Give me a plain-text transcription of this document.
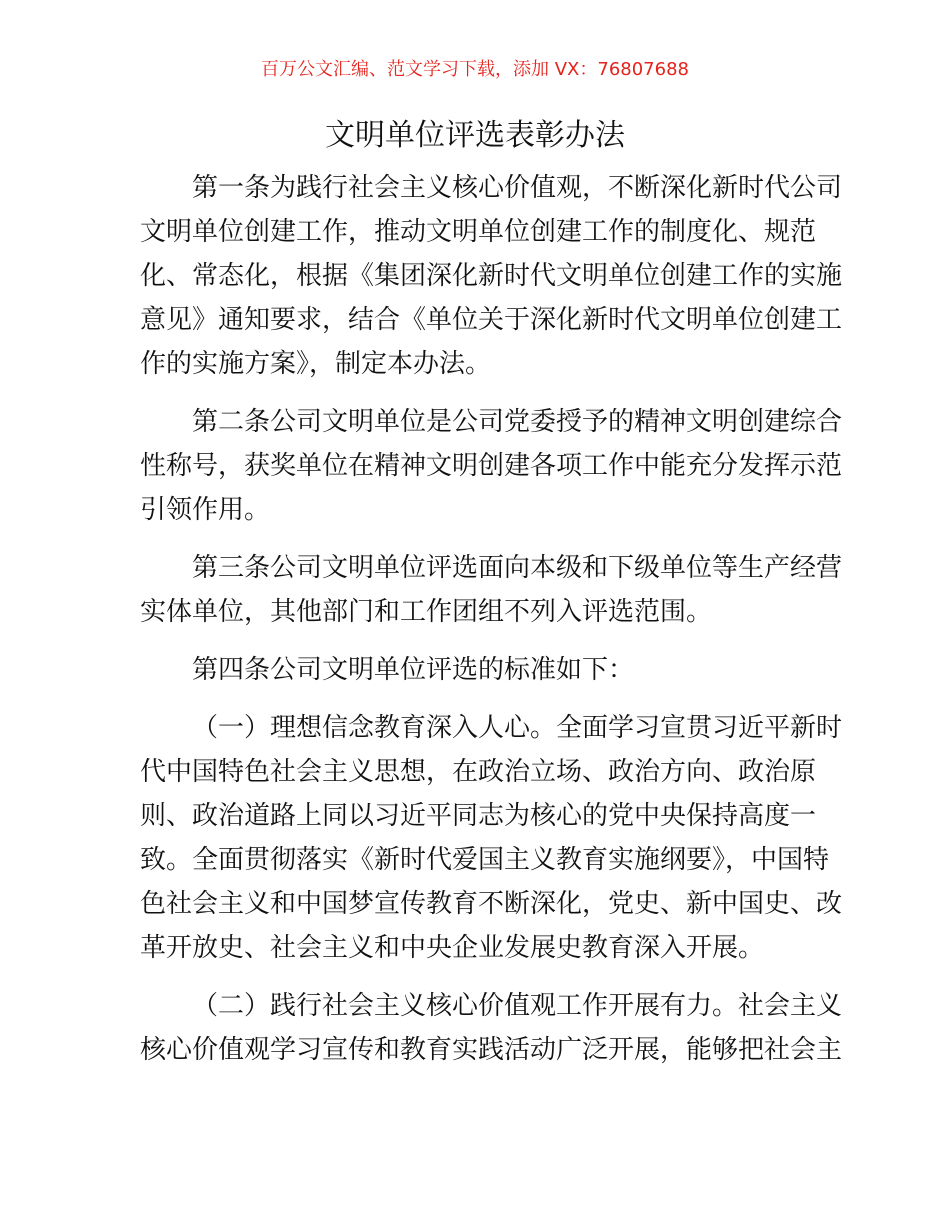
百万公文汇编、范文学习下载，添加 VX：76807688
文明单位评选表彰办法
第一条为践行社会主义核心价值观，不断深化新时代公司
文明单位创建工作，推动文明单位创建工作的制度化、规范
化、常态化，根据《集团深化新时代文明单位创建工作的实施
意见》通知要求，结合《单位关于深化新时代文明单位创建工
作的实施方案》，制定本办法。
第二条公司文明单位是公司党委授予的精神文明创建综合
性称号，获奖单位在精神文明创建各项工作中能充分发挥示范
引领作用。
第三条公司文明单位评选面向本级和下级单位等生产经营
实体单位，其他部门和工作团组不列入评选范围。
第四条公司文明单位评选的标准如下：
（一）理想信念教育深入人心。全面学习宣贯习近平新时
代中国特色社会主义思想，在政治立场、政治方向、政治原
则、政治道路上同以习近平同志为核心的党中央保持高度一
致。全面贯彻落实《新时代爱国主义教育实施纲要》，中国特
色社会主义和中国梦宣传教育不断深化，党史、新中国史、改
革开放史、社会主义和中央企业发展史教育深入开展。
（二）践行社会主义核心价值观工作开展有力。社会主义
核心价值观学习宣传和教育实践活动广泛开展，能够把社会主
